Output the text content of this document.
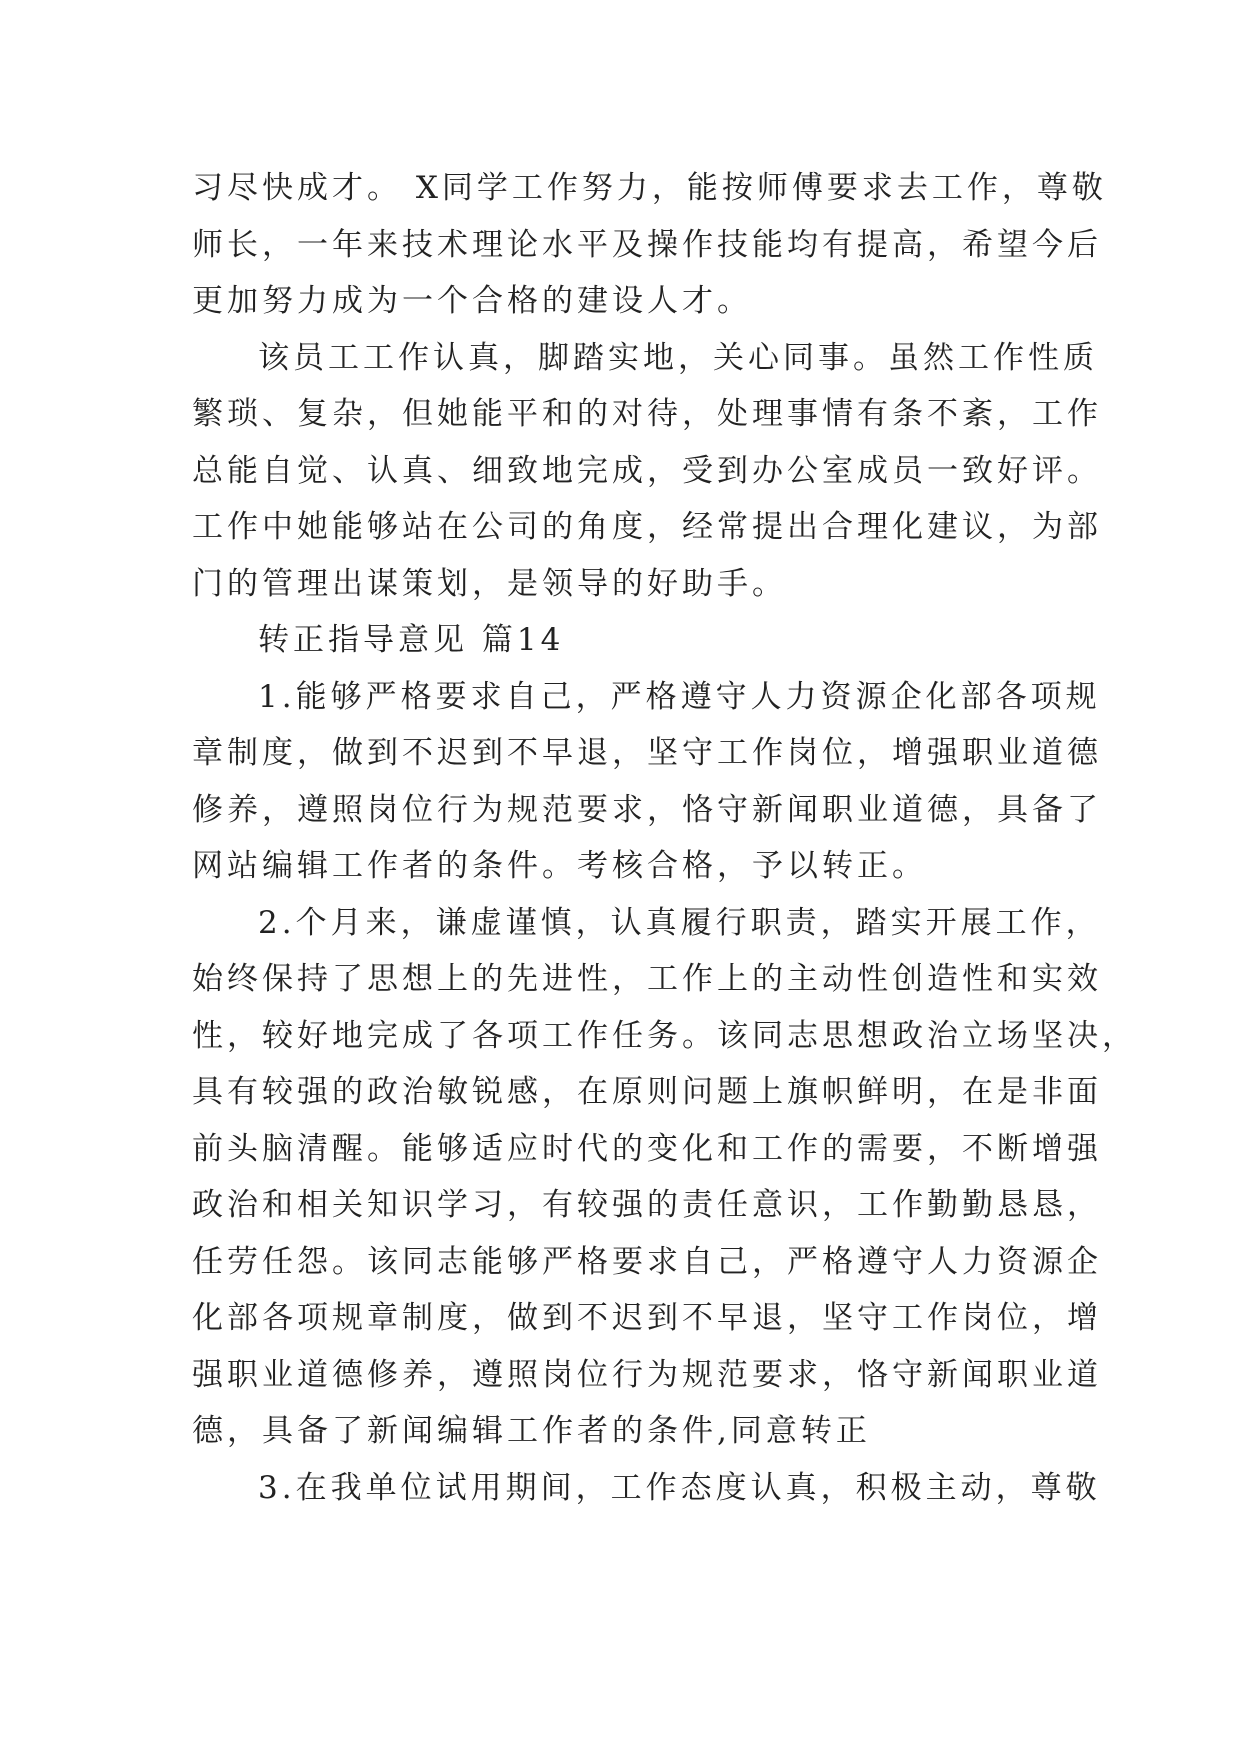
习尽快成才。 X同学工作努力，能按师傅要求去工作，尊敬
师长，一年来技术理论水平及操作技能均有提高，希望今后
更加努力成为一个合格的建设人才。
该员工工作认真，脚踏实地，关心同事。虽然工作性质
繁琐、复杂，但她能平和的对待，处理事情有条不紊，工作
总能自觉、认真、细致地完成，受到办公室成员一致好评。
工作中她能够站在公司的角度，经常提出合理化建议，为部
门的管理出谋策划，是领导的好助手。
转正指导意见 篇14
1.能够严格要求自己，严格遵守人力资源企化部各项规
章制度，做到不迟到不早退，坚守工作岗位，增强职业道德
修养，遵照岗位行为规范要求，恪守新闻职业道德，具备了
网站编辑工作者的条件。考核合格，予以转正。
2.个月来，谦虚谨慎，认真履行职责，踏实开展工作，
始终保持了思想上的先进性，工作上的主动性创造性和实效
性，较好地完成了各项工作任务。该同志思想政治立场坚决，
具有较强的政治敏锐感，在原则问题上旗帜鲜明，在是非面
前头脑清醒。能够适应时代的变化和工作的需要，不断增强
政治和相关知识学习，有较强的责任意识，工作勤勤恳恳，
任劳任怨。该同志能够严格要求自己，严格遵守人力资源企
化部各项规章制度，做到不迟到不早退，坚守工作岗位，增
强职业道德修养，遵照岗位行为规范要求，恪守新闻职业道
德，具备了新闻编辑工作者的条件,同意转正
3.在我单位试用期间，工作态度认真，积极主动，尊敬
